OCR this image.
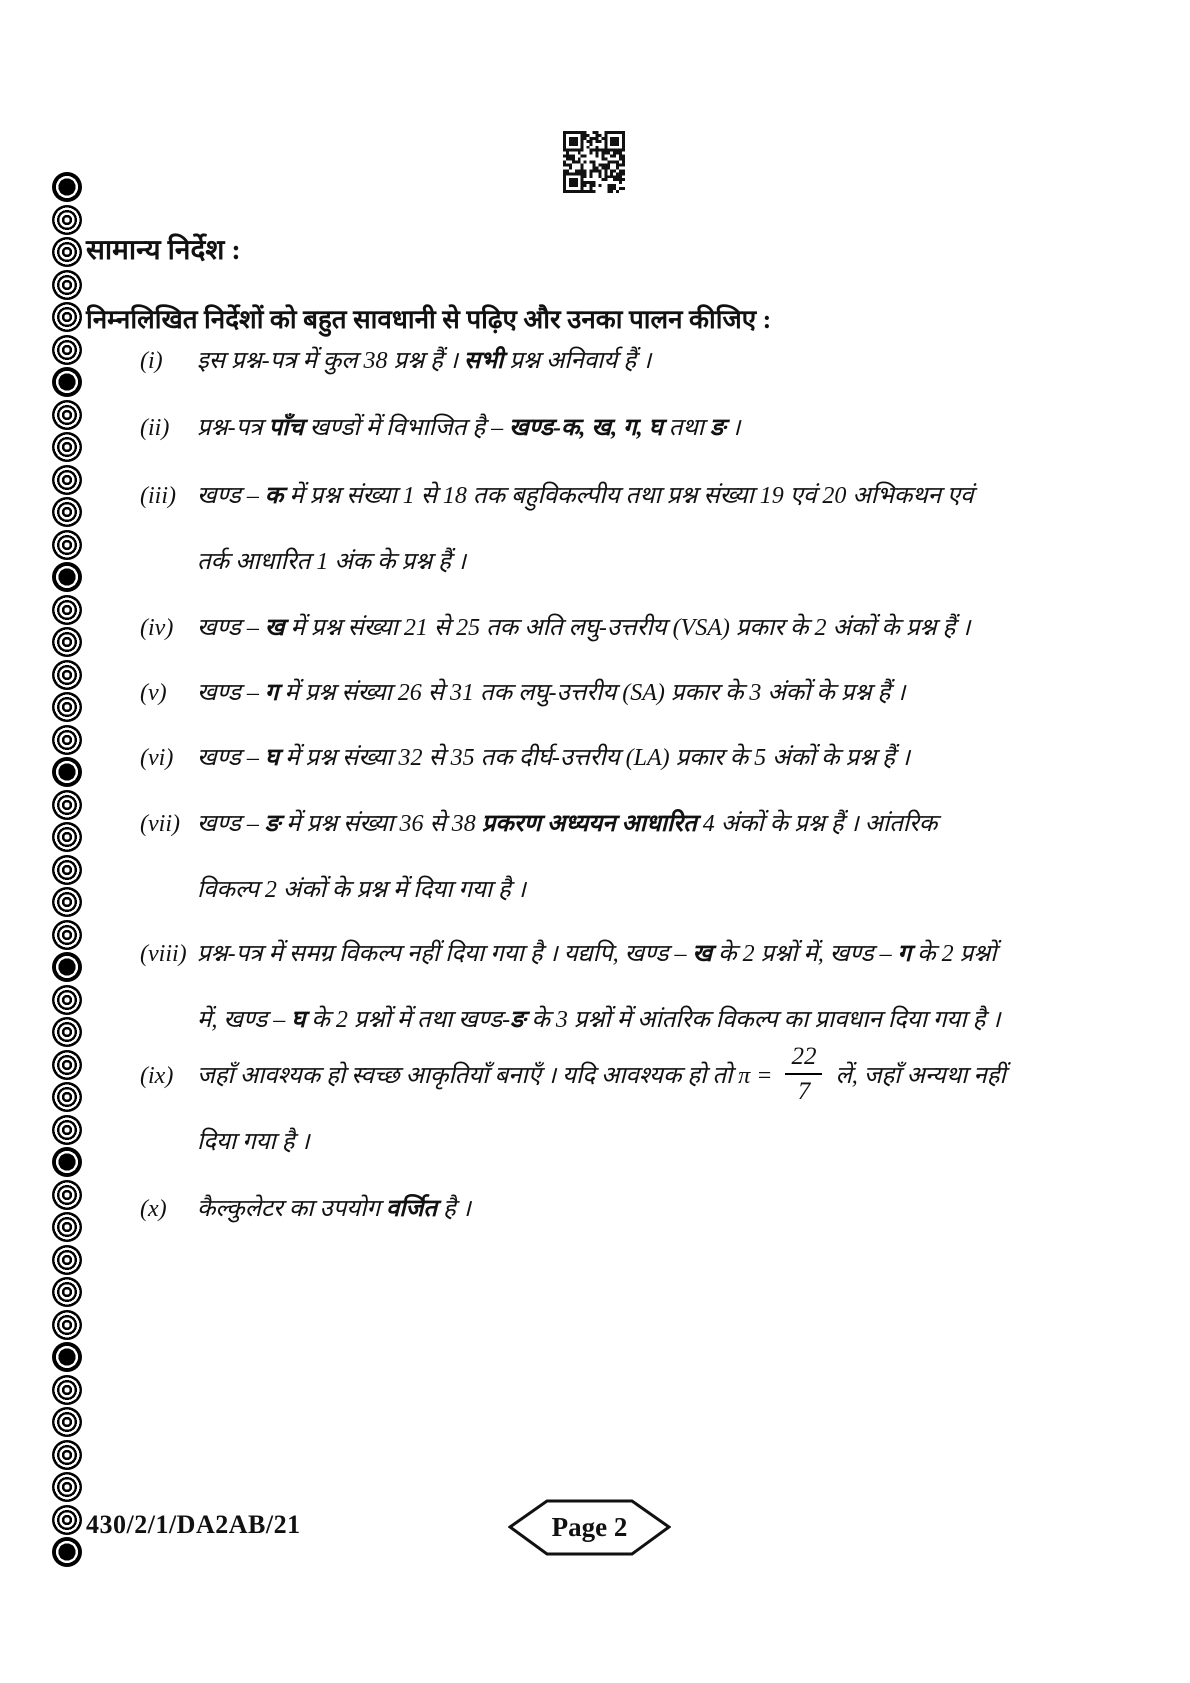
सामान्य निर्देश :
निम्नलिखित निर्देशों को बहुत सावधानी से पढ़िए और उनका पालन कीजिए :
(i)	इस प्रश्न-पत्र में कुल 38 प्रश्न हैं । सभी प्रश्न अनिवार्य हैं ।
(ii)	प्रश्न-पत्र पाँच खण्डों में विभाजित है – खण्ड-क, ख, ग, घ तथा ङ ।
(iii) खण्ड – क में प्रश्न संख्या 1 से 18 तक बहुविकल्पीय तथा प्रश्न संख्या 19 एवं 20 अभिकथन एवं
तर्क आधारित 1 अंक के प्रश्न हैं ।
(iv) खण्ड – ख में प्रश्न संख्या 21 से 25 तक अति लघु-उत्तरीय (VSA) प्रकार के 2 अंकों के प्रश्न हैं ।
(v)	खण्ड – ग में प्रश्न संख्या 26 से 31 तक लघु-उत्तरीय (SA) प्रकार के 3 अंकों के प्रश्न हैं ।
(vi) खण्ड – घ में प्रश्न संख्या 32 से 35 तक दीर्घ-उत्तरीय (LA) प्रकार के 5 अंकों के प्रश्न हैं ।
(vii) खण्ड – ङ में प्रश्न संख्या 36 से 38 प्रकरण अध्ययन आधारित 4 अंकों के प्रश्न हैं । आंतरिक
विकल्प 2 अंकों के प्रश्न में दिया गया है ।
(viii) प्रश्न-पत्र में समग्र विकल्प नहीं दिया गया है । यद्यपि, खण्ड – ख के 2 प्रश्नों में, खण्ड – ग के 2 प्रश्नों
में, खण्ड – घ के 2 प्रश्नों में तथा खण्ड-ङ के 3 प्रश्नों में आंतरिक विकल्प का प्रावधान दिया गया है ।
(ix) जहाँ आवश्यक हो स्वच्छ आकृतियाँ बनाएँ । यदि आवश्यक हो तो $\pi = \frac{22}{7}$ लें, जहाँ अन्यथा नहीं
दिया गया है ।
(x)	कैल्कुलेटर का उपयोग वर्जित है ।
430/2/1/DA2AB/21	Page 2
